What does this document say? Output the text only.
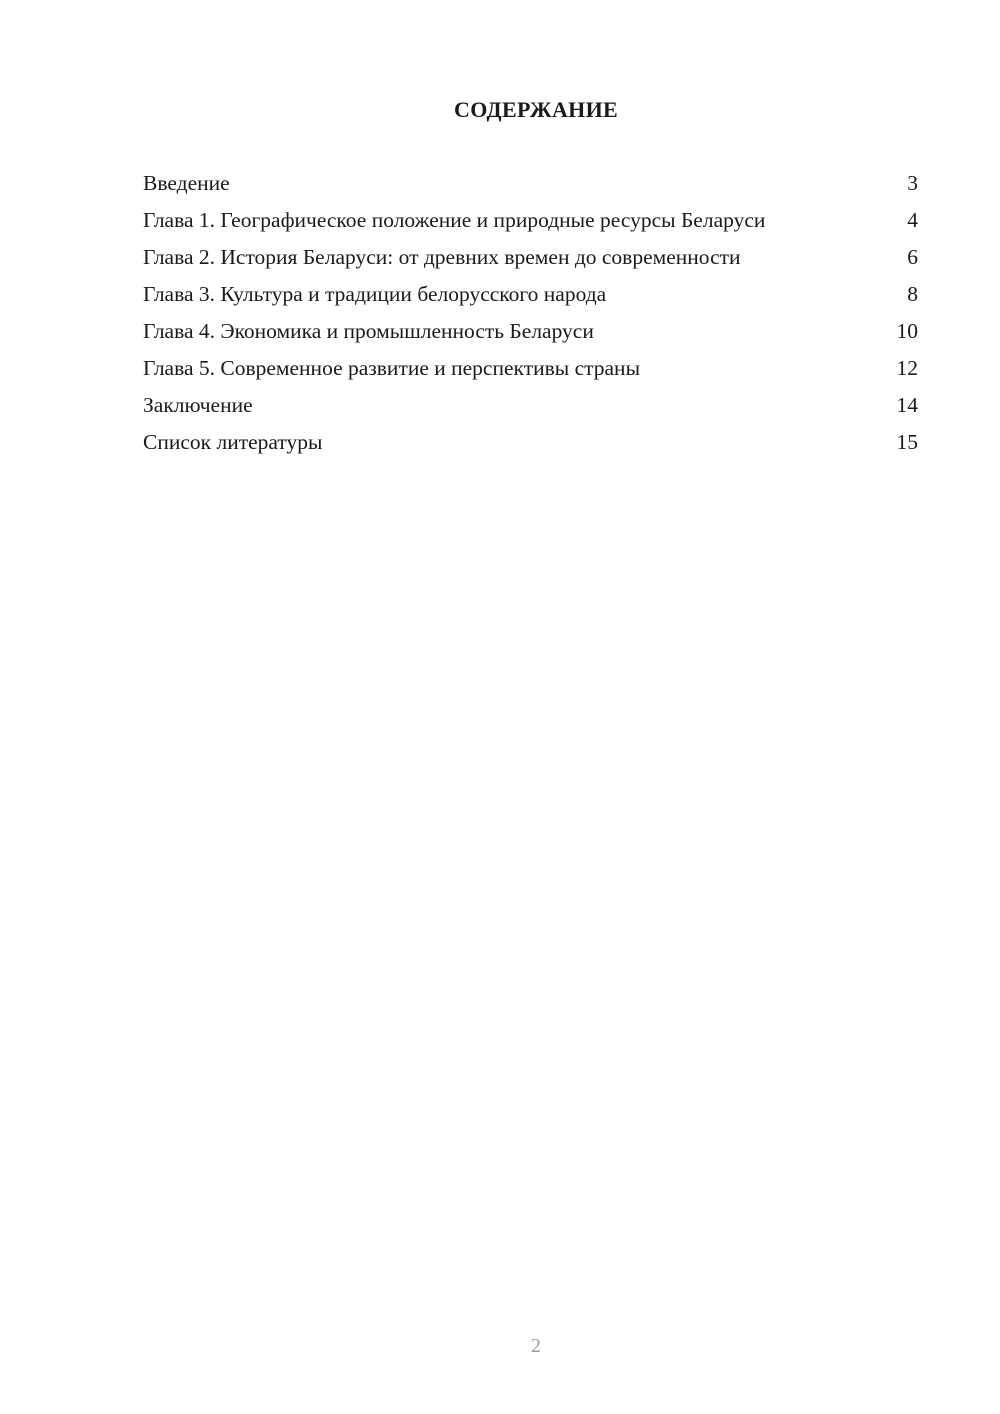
СОДЕРЖАНИЕ
Введение	3
Глава 1. Географическое положение и природные ресурсы Беларуси	4
Глава 2. История Беларуси: от древних времен до современности	6
Глава 3. Культура и традиции белорусского народа	8
Глава 4. Экономика и промышленность Беларуси	10
Глава 5. Современное развитие и перспективы страны	12
Заключение	14
Список литературы	15
2
